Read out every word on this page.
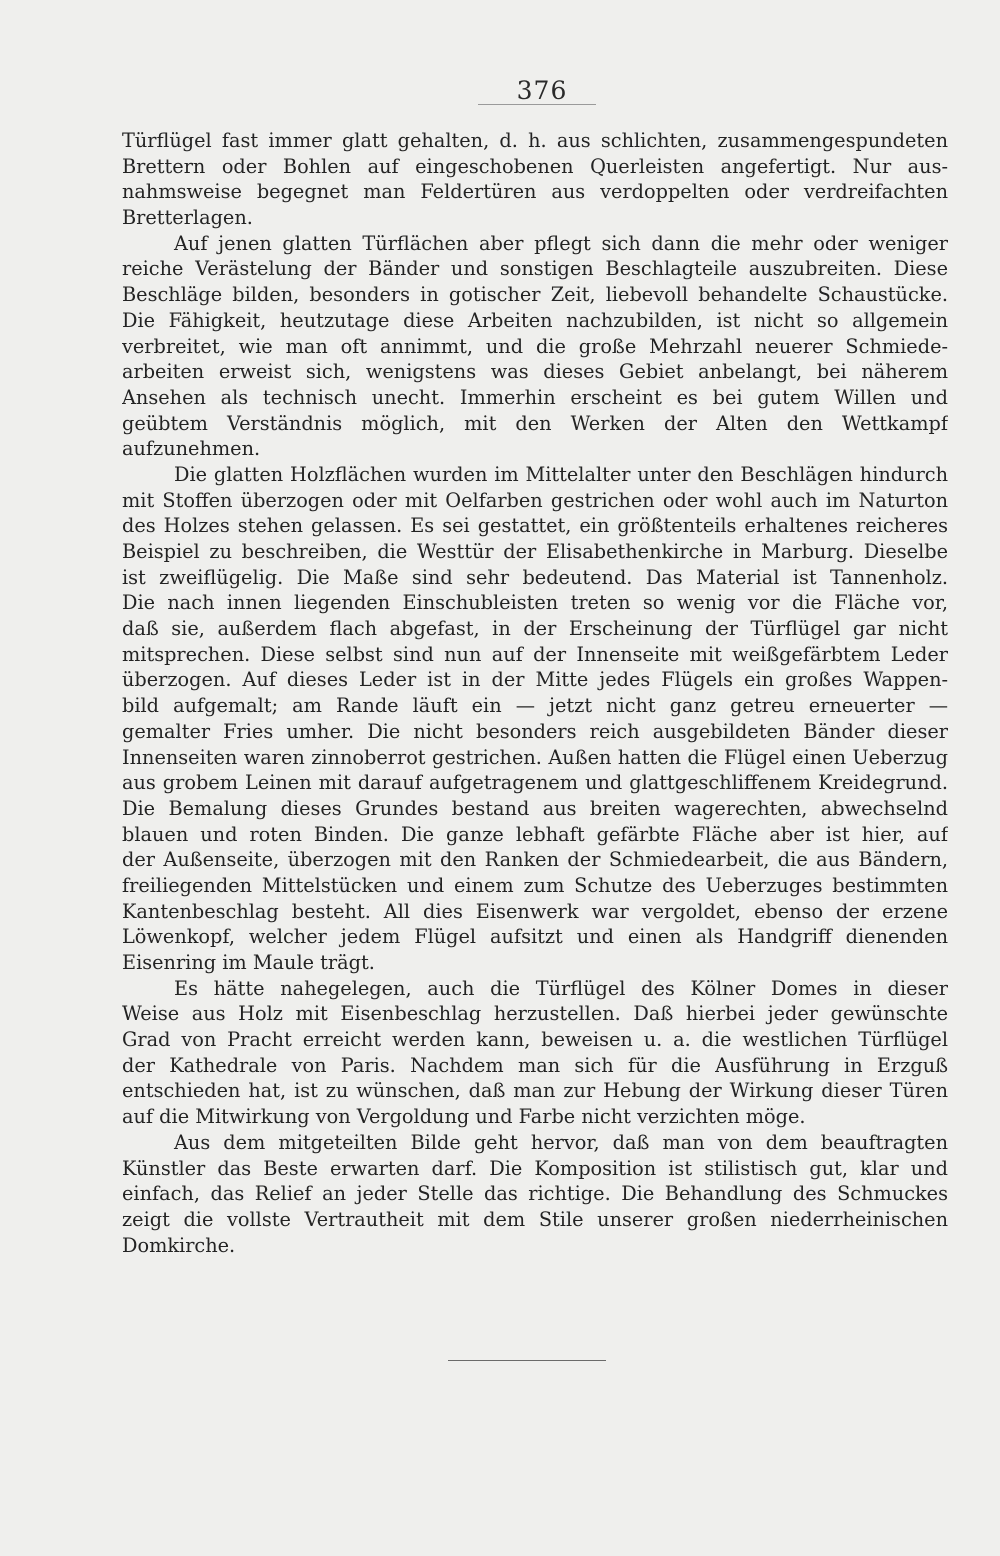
376
Türflügel fast immer glatt gehalten, d. h. aus schlichten, zusammengespundeten
Brettern oder Bohlen auf eingeschobenen Querleisten angefertigt. Nur aus-
nahmsweise begegnet man Feldertüren aus verdoppelten oder verdreifachten
Bretterlagen.
Auf jenen glatten Türflächen aber pflegt sich dann die mehr oder weniger
reiche Verästelung der Bänder und sonstigen Beschlagteile auszubreiten. Diese
Beschläge bilden, besonders in gotischer Zeit, liebevoll behandelte Schaustücke.
Die Fähigkeit, heutzutage diese Arbeiten nachzubilden, ist nicht so allgemein
verbreitet, wie man oft annimmt, und die große Mehrzahl neuerer Schmiede-
arbeiten erweist sich, wenigstens was dieses Gebiet anbelangt, bei näherem
Ansehen als technisch unecht. Immerhin erscheint es bei gutem Willen und
geübtem Verständnis möglich, mit den Werken der Alten den Wettkampf
aufzunehmen.
Die glatten Holzflächen wurden im Mittelalter unter den Beschlägen hindurch
mit Stoffen überzogen oder mit Oelfarben gestrichen oder wohl auch im Naturton
des Holzes stehen gelassen. Es sei gestattet, ein größtenteils erhaltenes reicheres
Beispiel zu beschreiben, die Westtür der Elisabethenkirche in Marburg. Dieselbe
ist zweiflügelig. Die Maße sind sehr bedeutend. Das Material ist Tannenholz.
Die nach innen liegenden Einschubleisten treten so wenig vor die Fläche vor,
daß sie, außerdem flach abgefast, in der Erscheinung der Türflügel gar nicht
mitsprechen. Diese selbst sind nun auf der Innenseite mit weißgefärbtem Leder
überzogen. Auf dieses Leder ist in der Mitte jedes Flügels ein großes Wappen-
bild aufgemalt; am Rande läuft ein — jetzt nicht ganz getreu erneuerter —
gemalter Fries umher. Die nicht besonders reich ausgebildeten Bänder dieser
Innenseiten waren zinnoberrot gestrichen. Außen hatten die Flügel einen Ueberzug
aus grobem Leinen mit darauf aufgetragenem und glattgeschliffenem Kreidegrund.
Die Bemalung dieses Grundes bestand aus breiten wagerechten, abwechselnd
blauen und roten Binden. Die ganze lebhaft gefärbte Fläche aber ist hier, auf
der Außenseite, überzogen mit den Ranken der Schmiedearbeit, die aus Bändern,
freiliegenden Mittelstücken und einem zum Schutze des Ueberzuges bestimmten
Kantenbeschlag besteht. All dies Eisenwerk war vergoldet, ebenso der erzene
Löwenkopf, welcher jedem Flügel aufsitzt und einen als Handgriff dienenden
Eisenring im Maule trägt.
Es hätte nahegelegen, auch die Türflügel des Kölner Domes in dieser
Weise aus Holz mit Eisenbeschlag herzustellen. Daß hierbei jeder gewünschte
Grad von Pracht erreicht werden kann, beweisen u. a. die westlichen Türflügel
der Kathedrale von Paris. Nachdem man sich für die Ausführung in Erzguß
entschieden hat, ist zu wünschen, daß man zur Hebung der Wirkung dieser Türen
auf die Mitwirkung von Vergoldung und Farbe nicht verzichten möge.
Aus dem mitgeteilten Bilde geht hervor, daß man von dem beauftragten
Künstler das Beste erwarten darf. Die Komposition ist stilistisch gut, klar und
einfach, das Relief an jeder Stelle das richtige. Die Behandlung des Schmuckes
zeigt die vollste Vertrautheit mit dem Stile unserer großen niederrheinischen
Domkirche.
